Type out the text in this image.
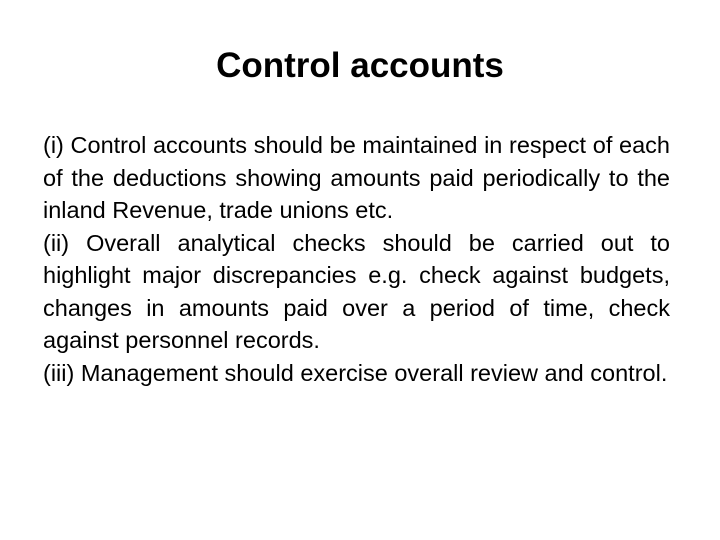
Control accounts

(i) Control accounts should be maintained in respect of each of the deductions showing amounts paid periodically to the inland Revenue, trade unions etc.

(ii) Overall analytical checks should be carried out to highlight major discrepancies e.g. check against budgets, changes in amounts paid over a period of time, check against personnel records.

(iii) Management should exercise overall review and control.
